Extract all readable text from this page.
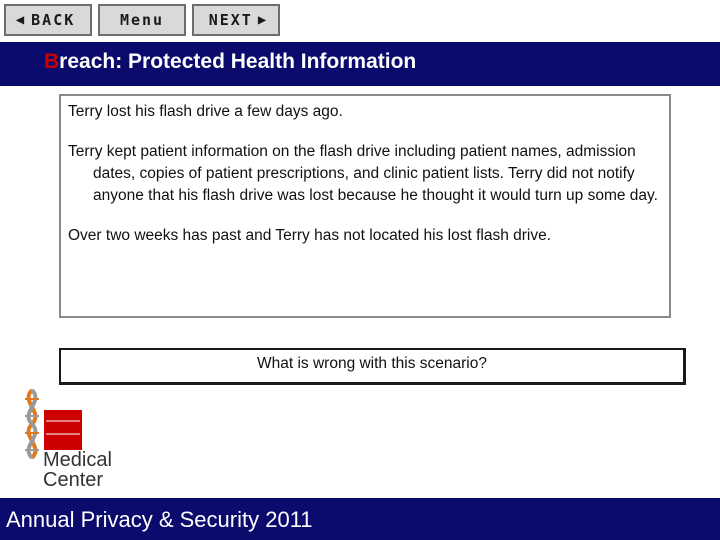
◀ BACK	Menu	NEXT ▶
Breach: Protected Health Information

Terry lost his flash drive a few days ago.

Terry kept patient information on the flash drive including patient names, admission dates, copies of patient prescriptions, and clinic patient lists. Terry did not notify anyone that his flash drive was lost because he thought it would turn up some day.

Over two weeks has past and Terry has not located his lost flash drive.

What is wrong with this scenario?
Medical
Center
Annual Privacy & Security 2011
